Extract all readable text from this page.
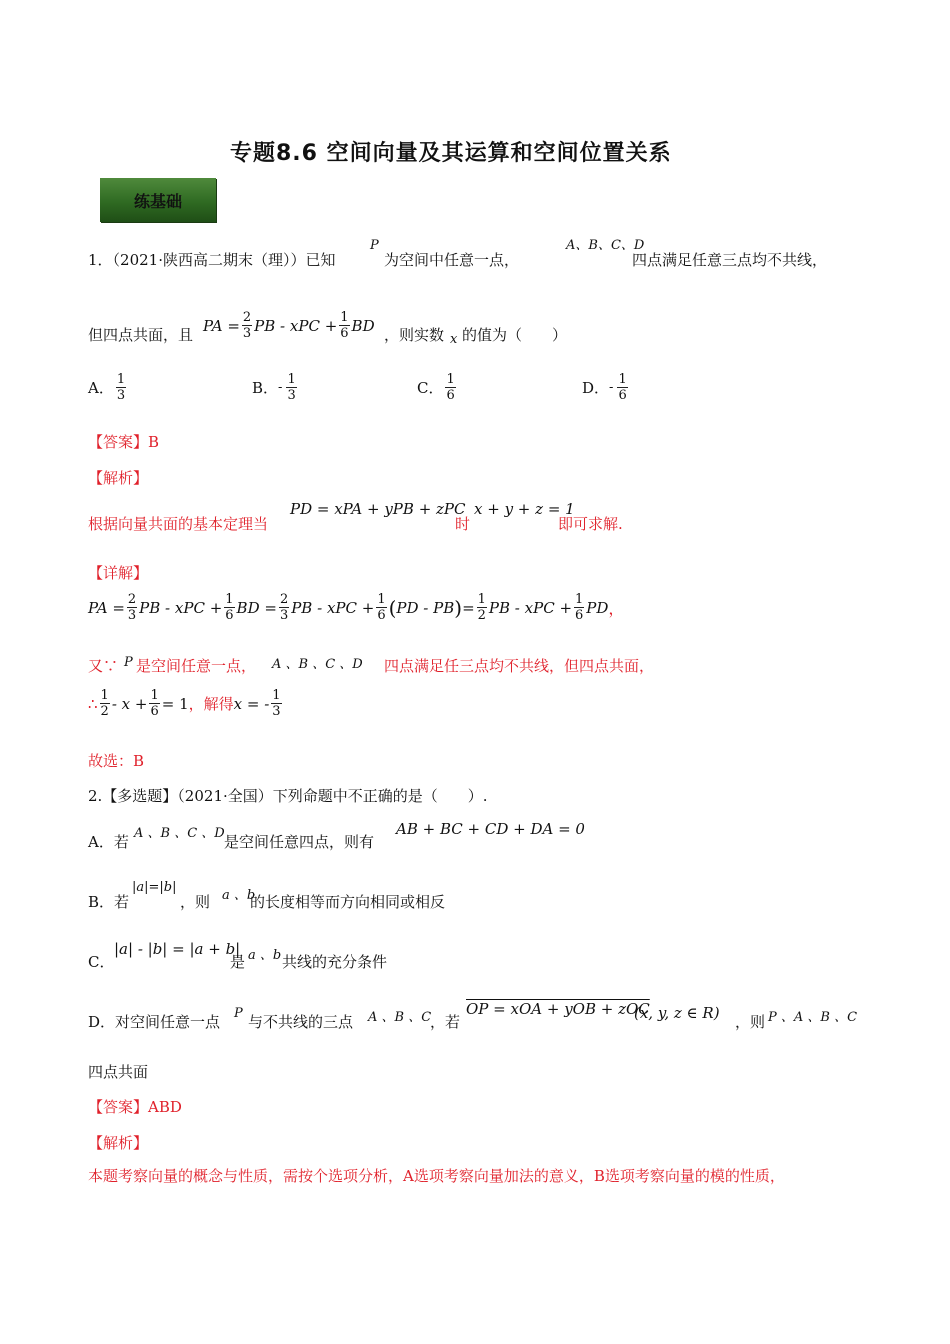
专题8.6 空间向量及其运算和空间位置关系
练基础
1．（2021·陕西高二期末（理））已知
P
为空间中任意一点，
A、B、C、D
四点满足任意三点均不共线，
但四点共面，且
PA = $\frac{2}{3}$ PB - xPC + $\frac{1}{6}$ BD
，则实数 x 的值为（　　）
A． $\frac{1}{3}$	B． - $\frac{1}{3}$	C． $\frac{1}{6}$	D． - $\frac{1}{6}$
【答案】B
【解析】
根据向量共面的基本定理当
PD = xPA + yPB + zPC
时
x + y + z = 1
即可求解.
【详解】
PA = $\frac{2}{3}$ PB - xPC + $\frac{1}{6}$ BD = $\frac{2}{3}$ PB - xPC + $\frac{1}{6}$ ( PD - PB ) = $\frac{1}{2}$ PB - xPC + $\frac{1}{6}$ PD ，
又∵ P 是空间任意一点， A 、B 、C 、D 四点满足任三点均不共线，但四点共面，
∴ $\frac{1}{2} - x + \frac{1}{6} = 1$ ，解得 x = - $\frac{1}{3}$
故选：B
2.【多选题】（2021·全国）下列命题中不正确的是（　　）.
A．若 A 、B 、C 、D 是空间任意四点，则有
AB + BC + CD + DA = 0
B．若
|a|=|b|
，则 a 、b
的长度相等而方向相同或相反
C．
|a| - |b| = |a + b|
是 a 、b 共线的充分条件
D．对空间任意一点 P 与不共线的三点 A 、B 、C
，若
OP = xOA + yOB + zOC
(x, y, z ∈ R) ，则 P 、A 、B 、C
四点共面
【答案】ABD
【解析】
本题考察向量的概念与性质，需按个选项分析，A选项考察向量加法的意义，B选项考察向量的模的性质，
